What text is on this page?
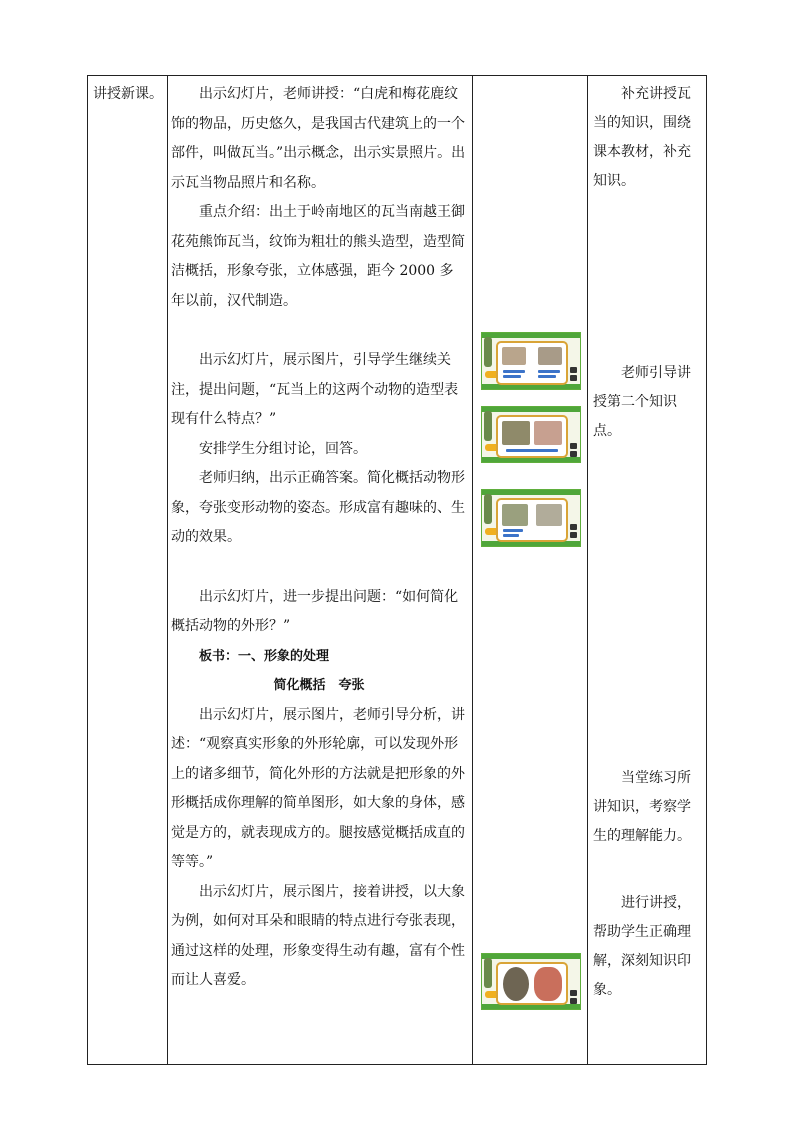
讲授新课。	出示幻灯片，老师讲授：“白虎和梅花鹿纹饰的物品，历史悠久，是我国古代建筑上的一个部件，叫做瓦当。”出示概念，出示实景照片。出示瓦当物品照片和名称。

重点介绍：出土于岭南地区的瓦当南越王御花苑熊饰瓦当，纹饰为粗壮的熊头造型，造型简洁概括，形象夸张，立体感强，距今 2000 多年以前，汉代制造。

出示幻灯片，展示图片，引导学生继续关注，提出问题，“瓦当上的这两个动物的造型表现有什么特点？”

安排学生分组讨论，回答。

老师归纳，出示正确答案。简化概括动物形象，夸张变形动物的姿态。形成富有趣味的、生动的效果。

出示幻灯片，进一步提出问题：“如何简化概括动物的外形？”

板书：一、形象的处理

简化概括　夸张

出示幻灯片，展示图片，老师引导分析，讲述：“观察真实形象的外形轮廓，可以发现外形上的诸多细节，简化外形的方法就是把形象的外形概括成你理解的简单图形，如大象的身体，感觉是方的，就表现成方的。腿按感觉概括成直的等等。”

出示幻灯片，展示图片，接着讲授，以大象为例，如何对耳朵和眼睛的特点进行夸张表现，通过这样的处理，形象变得生动有趣，富有个性而让人喜爱。

补充讲授瓦当的知识，围绕课本教材，补充知识。

老师引导讲授第二个知识点。

当堂练习所讲知识，考察学生的理解能力。

进行讲授，帮助学生正确理解，深刻知识印象。
